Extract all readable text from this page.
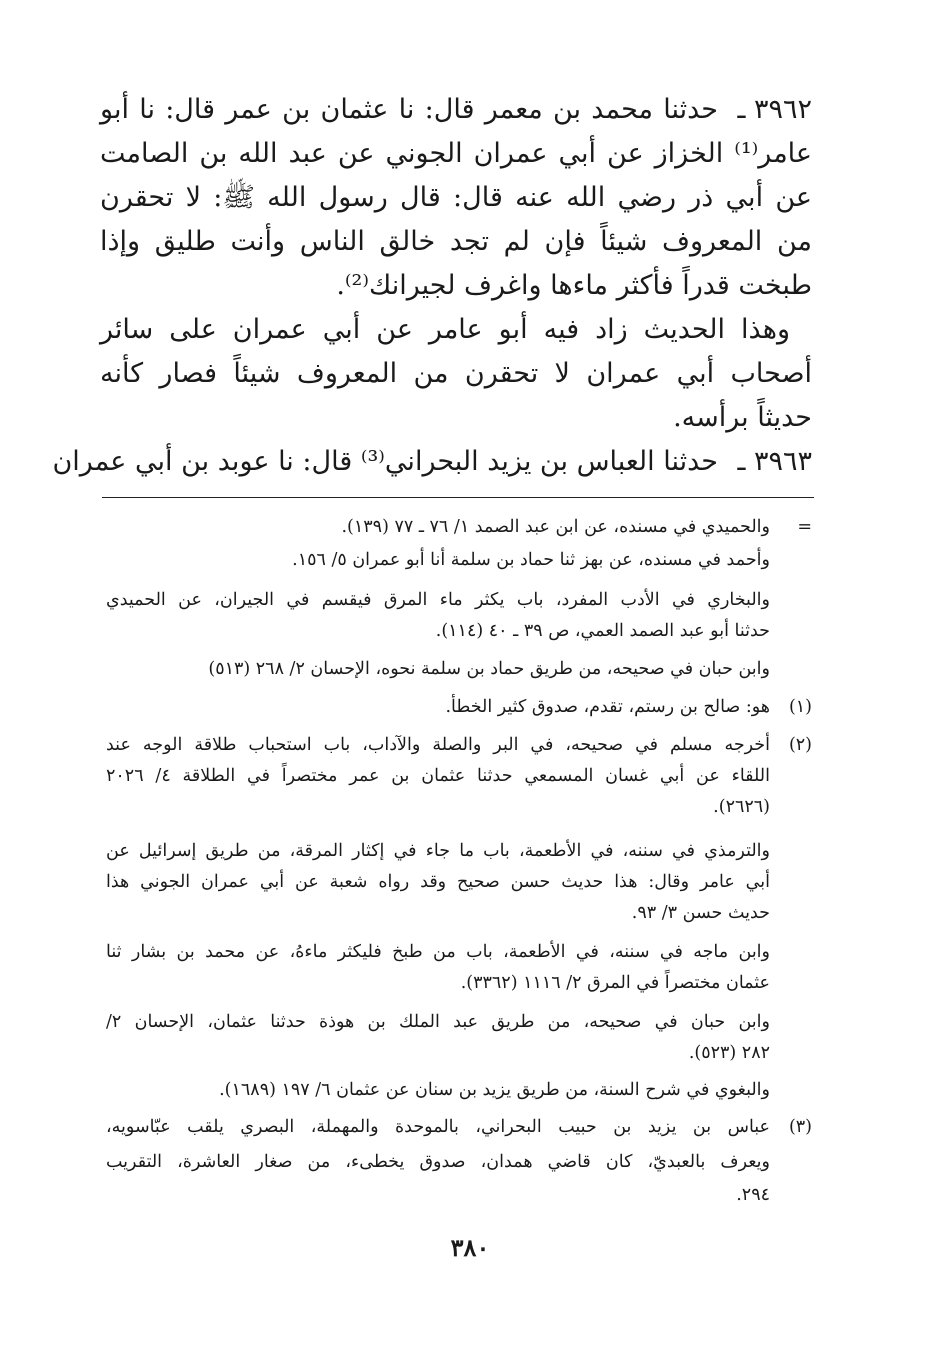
٣٩٦٢ ـ
حدثنا محمد بن معمر قال: نا عثمان بن عمر قال: نا أبو
عامر⁽¹⁾ الخزاز عن أبي عمران الجوني عن عبد الله بن الصامت
عن أبي ذر رضي الله عنه قال: قال رسول الله ﷺ: لا تحقرن
من المعروف شيئاً فإن لم تجد خالق الناس وأنت طليق وإذا
طبخت قدراً فأكثر ماءها واغرف لجيرانك⁽²⁾.
وهذا الحديث زاد فيه أبو عامر عن أبي عمران على سائر
أصحاب أبي عمران لا تحقرن من المعروف شيئاً فصار كأنه
حديثاً برأسه.
٣٩٦٣ ـ
حدثنا العباس بن يزيد البحراني⁽³⁾ قال: نا عوبد بن أبي عمران
=
والحميدي في مسنده، عن ابن عبد الصمد ١/ ٧٦ ـ ٧٧ (١٣٩).
وأحمد في مسنده، عن بهز ثنا حماد بن سلمة أنا أبو عمران ٥/ ١٥٦.
والبخاري في الأدب المفرد، باب يكثر ماء المرق فيقسم في الجيران، عن الحميدي
حدثنا أبو عبد الصمد العمي، ص ٣٩ ـ ٤٠ (١١٤).
وابن حبان في صحيحه، من طريق حماد بن سلمة نحوه، الإحسان ٢/ ٢٦٨ (٥١٣)
(١)
هو: صالح بن رستم، تقدم، صدوق كثير الخطأ.
(٢)
أخرجه مسلم في صحيحه، في البر والصلة والآداب، باب استحباب طلاقة الوجه عند
اللقاء عن أبي غسان المسمعي حدثنا عثمان بن عمر مختصراً في الطلاقة ٤/ ٢٠٢٦
(٢٦٢٦).
والترمذي في سننه، في الأطعمة، باب ما جاء في إكثار المرقة، من طريق إسرائيل عن
أبي عامر وقال: هذا حديث حسن صحيح وقد رواه شعبة عن أبي عمران الجوني هذا
حديث حسن ٣/ ٩٣.
وابن ماجه في سننه، في الأطعمة، باب من طبخ فليكثر ماءهُ، عن محمد بن بشار ثنا
عثمان مختصراً في المرق ٢/ ١١١٦ (٣٣٦٢).
وابن حبان في صحيحه، من طريق عبد الملك بن هوذة حدثنا عثمان، الإحسان ٢/
٢٨٢ (٥٢٣).
والبغوي في شرح السنة، من طريق يزيد بن سنان عن عثمان ٦/ ١٩٧ (١٦٨٩).
(٣)
عباس بن يزيد بن حبيب البحراني، بالموحدة والمهملة، البصري يلقب عبّاسويه،
ويعرف بالعبديّ، كان قاضي همدان، صدوق يخطىء، من صغار العاشرة، التقريب
٢٩٤.
٣٨٠
